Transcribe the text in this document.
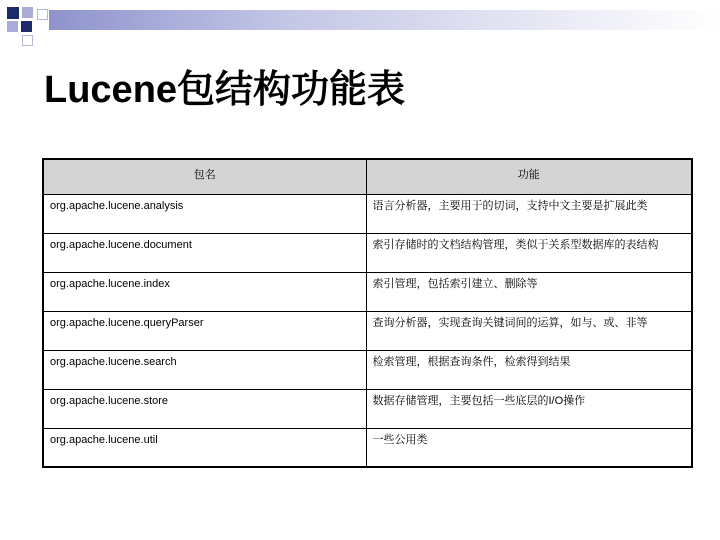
Lucene包结构功能表
包名	功能
org.apache.lucene.analysis	语言分析器，主要用于的切词，支持中文主要是扩展此类
org.apache.lucene.document	索引存储时的文档结构管理，类似于关系型数据库的表结构
org.apache.lucene.index	索引管理，包括索引建立、删除等
org.apache.lucene.queryParser	查询分析器，实现查询关键词间的运算，如与、或、非等
org.apache.lucene.search	检索管理，根据查询条件，检索得到结果
org.apache.lucene.store	数据存储管理，主要包括一些底层的I/O操作
org.apache.lucene.util	一些公用类
